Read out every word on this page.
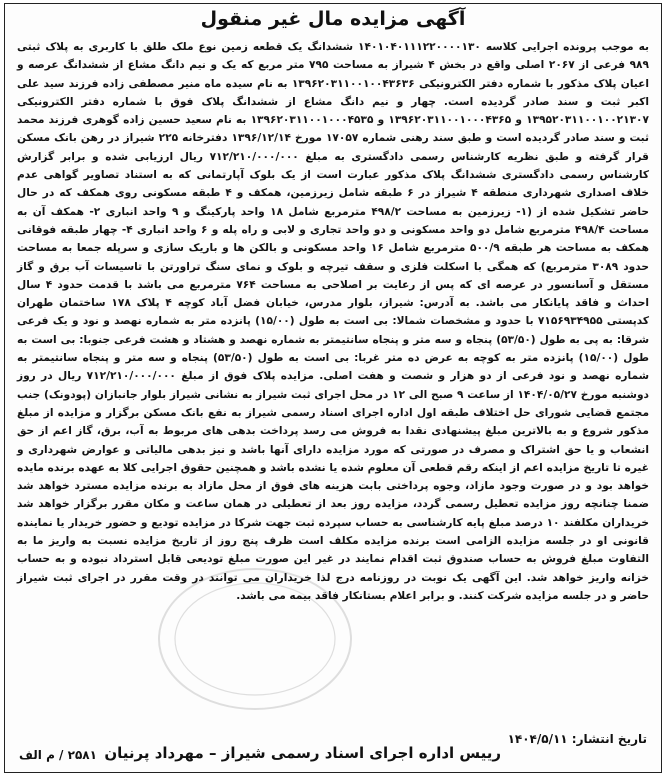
آگهی مزایده مال غیر منقول

به موجب پرونده اجرایی کلاسه ۱۴۰۱۰۴۰۱۱۱۲۲۰۰۰۰۱۳۰ ششدانگ یک قطعه زمین نوع ملک طلق با کاربری به پلاک ثبتی ۹۸۹ فرعی از ۲۰۶۷ اصلی واقع در بخش ۴ شیراز به مساحت ۷۹۵ متر مربع که یک و نیم دانگ مشاع از ششدانگ عرصه و اعیان پلاک مذکور با شماره دفتر الکترونیکی ۱۳۹۶۲۰۳۱۱۰۰۱۰۰۴۳۶۳۶ به نام سیده ماه منیر مصطفی زاده فرزند سید علی اکبر ثبت و سند صادر گردیده است. چهار و نیم دانگ مشاع از ششدانگ پلاک فوق با شماره دفتر الکترونیکی ۱۳۹۵۲۰۳۱۱۰۰۱۰۰۲۱۳۰۷ و ۱۳۹۶۲۰۳۱۱۰۰۱۰۰۰۴۳۶۵ و ۱۳۹۶۲۰۳۱۱۰۰۱۰۰۰۴۵۳۵ به نام سعید حسین زاده گوهری فرزند محمد ثبت و سند صادر گردیده است و طبق سند رهنی شماره ۱۷۰۵۷ مورخ ۱۳۹۶/۱۲/۱۴ دفترخانه ۲۲۵ شیراز در رهن بانک مسکن قرار گرفته و طبق نظریه کارشناس رسمی دادگستری به مبلغ ۷۱۲/۲۱۰/۰۰۰/۰۰۰ ریال ارزیابی شده و برابر گزارش کارشناس رسمی دادگستری ششدانگ پلاک مذکور عبارت است از یک بلوک آپارتمانی که به استناد تصاویر گواهی عدم خلاف اصداری شهرداری منطقه ۴ شیراز در ۶ طبقه شامل زیرزمین، همکف و ۴ طبقه مسکونی روی همکف که در حال حاضر تشکیل شده از (۱- زیرزمین به مساحت ۴۹۸/۲ مترمربع شامل ۱۸ واحد پارکینگ و ۹ واحد انباری ۲- همکف آن به مساحت ۴۹۸/۴ مترمربع شامل دو واحد مسکونی و دو واحد تجاری و لابی و راه پله و ۶ واحد انباری ۴- چهار طبقه فوقانی همکف به مساحت هر طبقه ۵۰۰/۹ مترمربع شامل ۱۶ واحد مسکونی و بالکن ها و باریک سازی و سرپله جمعا به مساحت حدود ۳۰۸۹ مترمربع) که همگی با اسکلت فلزی و سقف تیرچه و بلوک و نمای سنگ تراورتن با تاسیسات آب برق و گاز مستقل و آسانسور در عرصه ای که پس از رعایت بر اصلاحی به مساحت ۷۶۴ مترمربع می باشد با قدمت حدود ۴ سال احداث و فاقد پایانکار می باشد. به آدرس: شیراز، بلوار مدرس، خیابان فضل آباد کوچه ۴ پلاک ۱۷۸ ساختمان طهران کدپستی ۷۱۵۶۹۳۴۹۵۵ با حدود و مشخصات شمالا: بی است به طول (۱۵/۰۰) پانزده متر به شماره نهصد و نود و یک فرعی شرقا: به پی به طول (۵۳/۵۰) پنجاه و سه متر و پنجاه سانتیمتر به شماره نهصد و هشتاد و هشت فرعی جنوبا: بی است به طول (۱۵/۰۰) پانزده متر به کوچه به عرض ده متر غربا: بی است به طول (۵۳/۵۰) پنجاه و سه متر و پنجاه سانتیمتر به شماره نهصد و نود فرعی از دو هزار و شصت و هفت اصلی. مزایده پلاک فوق از مبلغ ۷۱۲/۲۱۰/۰۰۰/۰۰۰ ریال در روز دوشنبه مورخ ۱۴۰۴/۰۵/۲۷ از ساعت ۹ صبح الی ۱۲ در محل اجرای ثبت شیراز به نشانی شیراز بلوار جانبازان (پودونک) جنب مجتمع قضایی شورای حل اختلاف طبقه اول اداره اجرای اسناد رسمی شیراز به نفع بانک مسکن برگزار و مزایده از مبلغ مذکور شروع و به بالاترین مبلغ پیشنهادی نقدا به فروش می رسد پرداخت بدهی های مربوط به آب، برق، گاز اعم از حق انشعاب و یا حق اشتراک و مصرف در صورتی که مورد مزایده دارای آنها باشد و نیز بدهی مالیاتی و عوارض شهرداری و غیره تا تاریخ مزایده اعم از اینکه رقم قطعی آن معلوم شده یا نشده باشد و همچنین حقوق اجرایی کلا به عهده برنده مایده خواهد بود و در صورت وجود مازاد، وجوه پرداختی بابت هزینه های فوق از محل مازاد به برنده مزایده مسترد خواهد شد ضمنا چنانچه روز مزایده تعطیل رسمی گردد، مزایده روز بعد از تعطیلی در همان ساعت و مکان مقرر برگزار خواهد شد خریداران مکلفند ۱۰ درصد مبلغ پایه کارشناسی به حساب سپرده ثبت جهت شرکا در مزایده تودیع و حضور خریدار یا نماینده قانونی او در جلسه مزایده الزامی است برنده مزایده مکلف است ظرف پنج روز از تاریخ مزایده نسبت به واریز ما به التفاوت مبلغ فروش به حساب صندوق ثبت اقدام نمایند در غیر این صورت مبلغ تودیعی قابل استرداد نبوده و به حساب خزانه واریز خواهد شد. این آگهی یک نوبت در روزنامه درج لذا خریداران می توانند در وقت مقرر در اجرای ثبت شیراز حاضر و در جلسه مزایده شرکت کنند. و برابر اعلام بستانکار فاقد بیمه می باشد.

تاریخ انتشار: ۱۴۰۴/۵/۱۱
رییس اداره اجرای اسناد رسمی شیراز – مهرداد پرنیان
۲۵۸۱ / م الف
